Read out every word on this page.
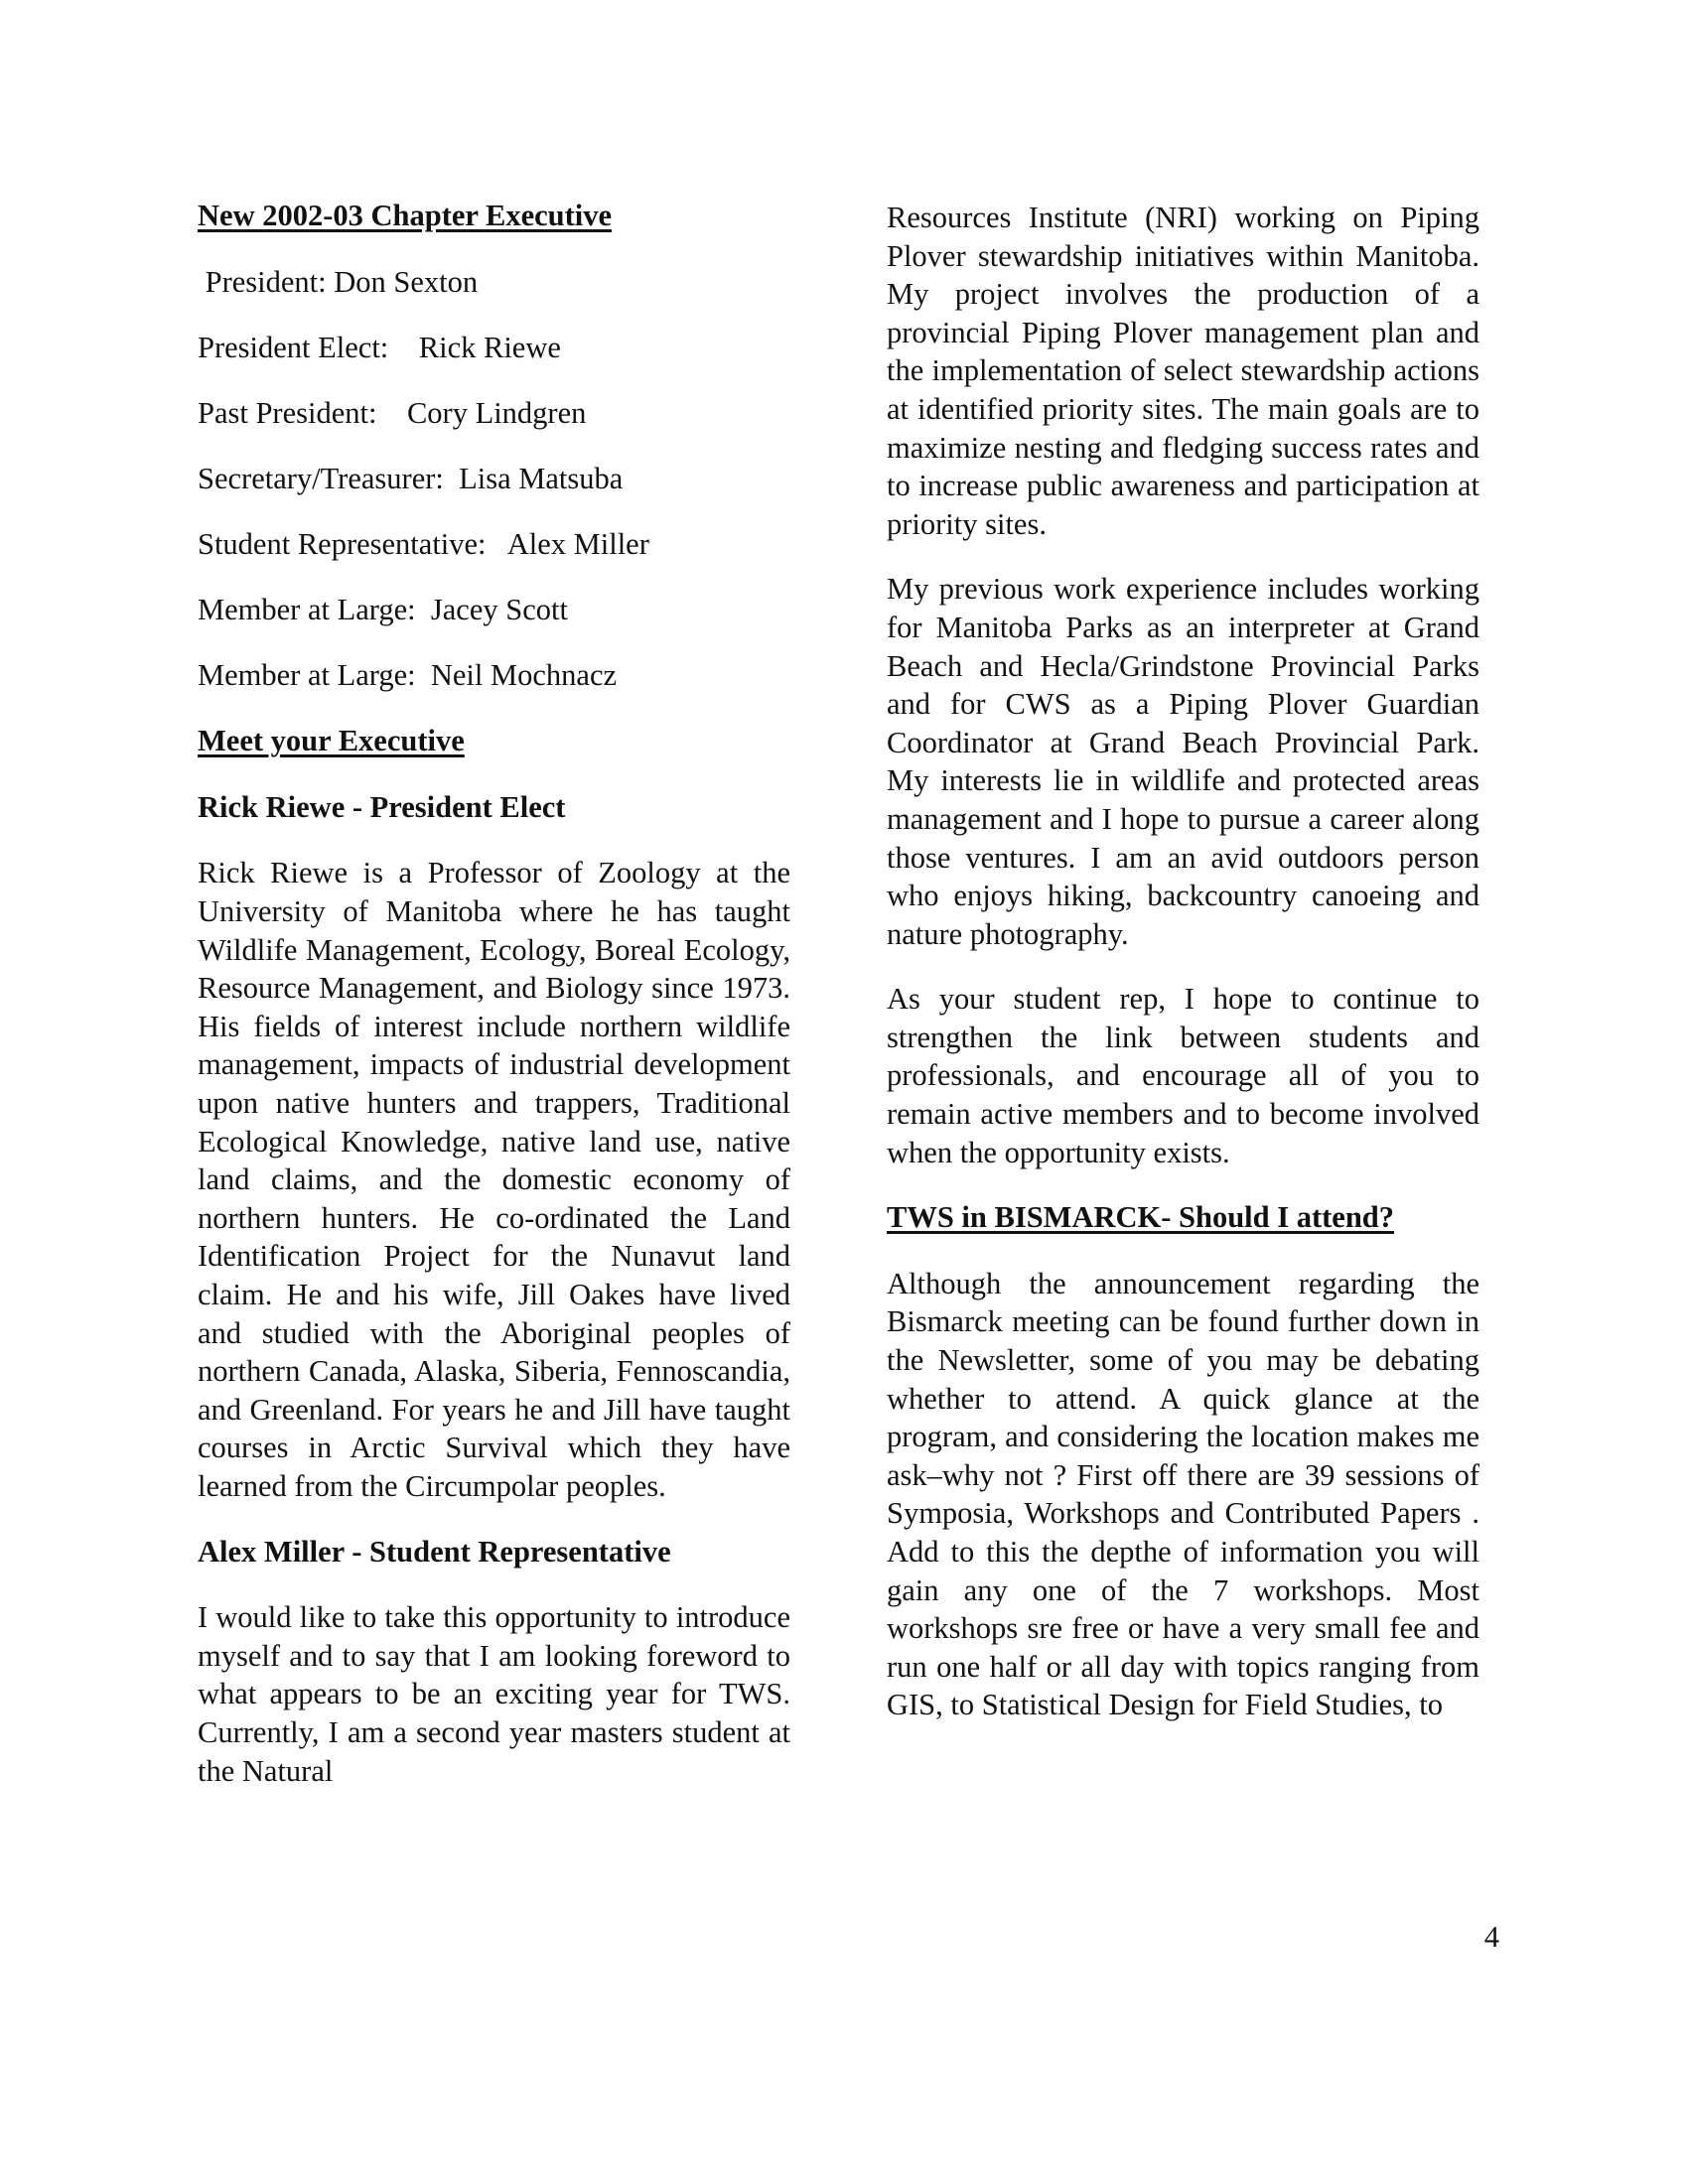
New 2002-03 Chapter Executive
President: Don Sexton
President Elect:    Rick Riewe
Past President:    Cory Lindgren
Secretary/Treasurer:  Lisa Matsuba
Student Representative:   Alex Miller
Member at Large:  Jacey Scott
Member at Large:  Neil Mochnacz
Meet your Executive
Rick Riewe - President Elect

Rick Riewe is a Professor of Zoology at the University of Manitoba where he has taught Wildlife Management, Ecology, Boreal Ecology, Resource Management, and Biology since 1973. His fields of interest include northern wildlife management, impacts of industrial development upon native hunters and trappers, Traditional Ecological Knowledge, native land use, native land claims, and the domestic economy of northern hunters. He co-ordinated the Land Identification Project for the Nunavut land claim. He and his wife, Jill Oakes have lived and studied with the Aboriginal peoples of northern Canada, Alaska, Siberia, Fennoscandia, and Greenland. For years he and Jill have taught courses in Arctic Survival which they have learned from the Circumpolar peoples.

Alex Miller - Student Representative

I would like to take this opportunity to introduce myself and to say that I am looking foreword to what appears to be an exciting year for TWS. Currently, I am a second year masters student at the Natural

Resources Institute (NRI) working on Piping Plover stewardship initiatives within Manitoba. My project involves the production of a provincial Piping Plover management plan and the implementation of select stewardship actions at identified priority sites. The main goals are to maximize nesting and fledging success rates and to increase public awareness and participation at priority sites.

My previous work experience includes working for Manitoba Parks as an interpreter at Grand Beach and Hecla/Grindstone Provincial Parks and for CWS as a Piping Plover Guardian Coordinator at Grand Beach Provincial Park. My interests lie in wildlife and protected areas management and I hope to pursue a career along those ventures. I am an avid outdoors person who enjoys hiking, backcountry canoeing and nature photography.

As your student rep, I hope to continue to strengthen the link between students and professionals, and encourage all of you to remain active members and to become involved when the opportunity exists.

TWS in BISMARCK- Should I attend?

Although the announcement regarding the Bismarck meeting can be found further down in the Newsletter, some of you may be debating whether to attend. A quick glance at the program, and considering the location makes me ask–why not ? First off there are 39 sessions of Symposia, Workshops and Contributed Papers . Add to this the depthe of information you will gain any one of the 7 workshops. Most workshops sre free or have a very small fee and run one half or all day with topics ranging from GIS, to Statistical Design for Field Studies, to

4
